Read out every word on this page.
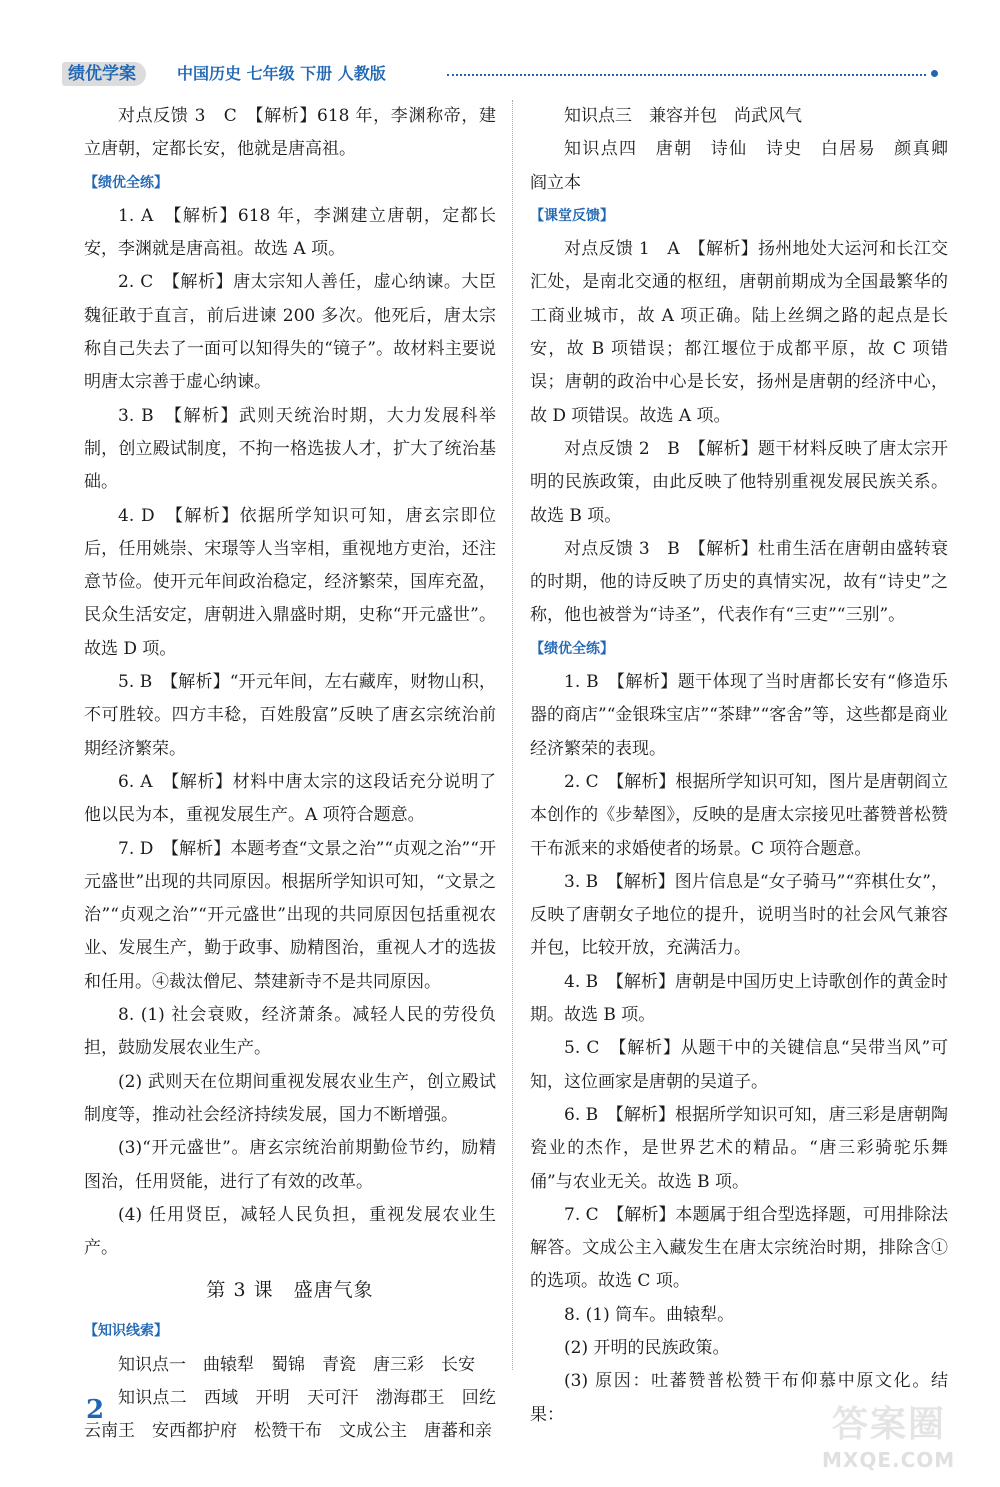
绩优学案	中国历史 七年级 下册 人教版

对点反馈 3　C　【解析】618 年，李渊称帝，建立唐朝，定都长安，他就是唐高祖。

【绩优全练】

1. A　【解析】618 年，李渊建立唐朝，定都长安，李渊就是唐高祖。故选 A 项。

2. C　【解析】唐太宗知人善任，虚心纳谏。大臣魏征敢于直言，前后进谏 200 多次。他死后，唐太宗称自己失去了一面可以知得失的“镜子”。故材料主要说明唐太宗善于虚心纳谏。

3. B　【解析】武则天统治时期，大力发展科举制，创立殿试制度，不拘一格选拔人才，扩大了统治基础。

4. D　【解析】依据所学知识可知，唐玄宗即位后，任用姚崇、宋璟等人当宰相，重视地方吏治，还注意节俭。使开元年间政治稳定，经济繁荣，国库充盈，民众生活安定，唐朝进入鼎盛时期，史称“开元盛世”。故选 D 项。

5. B　【解析】“开元年间，左右藏库，财物山积，不可胜较。四方丰稔，百姓殷富”反映了唐玄宗统治前期经济繁荣。

6. A　【解析】材料中唐太宗的这段话充分说明了他以民为本，重视发展生产。A 项符合题意。

7. D　【解析】本题考查“文景之治”“贞观之治”“开元盛世”出现的共同原因。根据所学知识可知，“文景之治”“贞观之治”“开元盛世”出现的共同原因包括重视农业、发展生产，勤于政事、励精图治，重视人才的选拔和任用。④裁汰僧尼、禁建新寺不是共同原因。

8. (1) 社会衰败，经济萧条。减轻人民的劳役负担，鼓励发展农业生产。

(2) 武则天在位期间重视发展农业生产，创立殿试制度等，推动社会经济持续发展，国力不断增强。

(3)“开元盛世”。唐玄宗统治前期勤俭节约，励精图治，任用贤能，进行了有效的改革。

(4) 任用贤臣，减轻人民负担，重视发展农业生产。

第 3 课　盛唐气象
【知识线索】

知识点一　曲辕犁　蜀锦　青瓷　唐三彩　长安

知识点二　西域　开明　天可汗　渤海郡王　回纥　云南王　安西都护府　松赞干布　文成公主　唐蕃和亲

知识点三　兼容并包　尚武风气

知识点四　唐朝　诗仙　诗史　白居易　颜真卿　阎立本

【课堂反馈】

对点反馈 1　A　【解析】扬州地处大运河和长江交汇处，是南北交通的枢纽，唐朝前期成为全国最繁华的工商业城市，故 A 项正确。陆上丝绸之路的起点是长安，故 B 项错误；都江堰位于成都平原，故 C 项错误；唐朝的政治中心是长安，扬州是唐朝的经济中心，故 D 项错误。故选 A 项。

对点反馈 2　B　【解析】题干材料反映了唐太宗开明的民族政策，由此反映了他特别重视发展民族关系。故选 B 项。

对点反馈 3　B　【解析】杜甫生活在唐朝由盛转衰的时期，他的诗反映了历史的真情实况，故有“诗史”之称，他也被誉为“诗圣”，代表作有“三吏”“三别”。

【绩优全练】

1. B　【解析】题干体现了当时唐都长安有“修造乐器的商店”“金银珠宝店”“茶肆”“客舍”等，这些都是商业经济繁荣的表现。

2. C　【解析】根据所学知识可知，图片是唐朝阎立本创作的《步辇图》，反映的是唐太宗接见吐蕃赞普松赞干布派来的求婚使者的场景。C 项符合题意。

3. B　【解析】图片信息是“女子骑马”“弈棋仕女”，反映了唐朝女子地位的提升，说明当时的社会风气兼容并包，比较开放，充满活力。

4. B　【解析】唐朝是中国历史上诗歌创作的黄金时期。故选 B 项。

5. C　【解析】从题干中的关键信息“吴带当风”可知，这位画家是唐朝的吴道子。

6. B　【解析】根据所学知识可知，唐三彩是唐朝陶瓷业的杰作，是世界艺术的精品。“唐三彩骑驼乐舞俑”与农业无关。故选 B 项。

7. C　【解析】本题属于组合型选择题，可用排除法解答。文成公主入藏发生在唐太宗统治时期，排除含①的选项。故选 C 项。

8. (1) 筒车。曲辕犁。

(2) 开明的民族政策。

(3) 原因：吐蕃赞普松赞干布仰慕中原文化。结果：

2	答案圈
MXQE.COM
